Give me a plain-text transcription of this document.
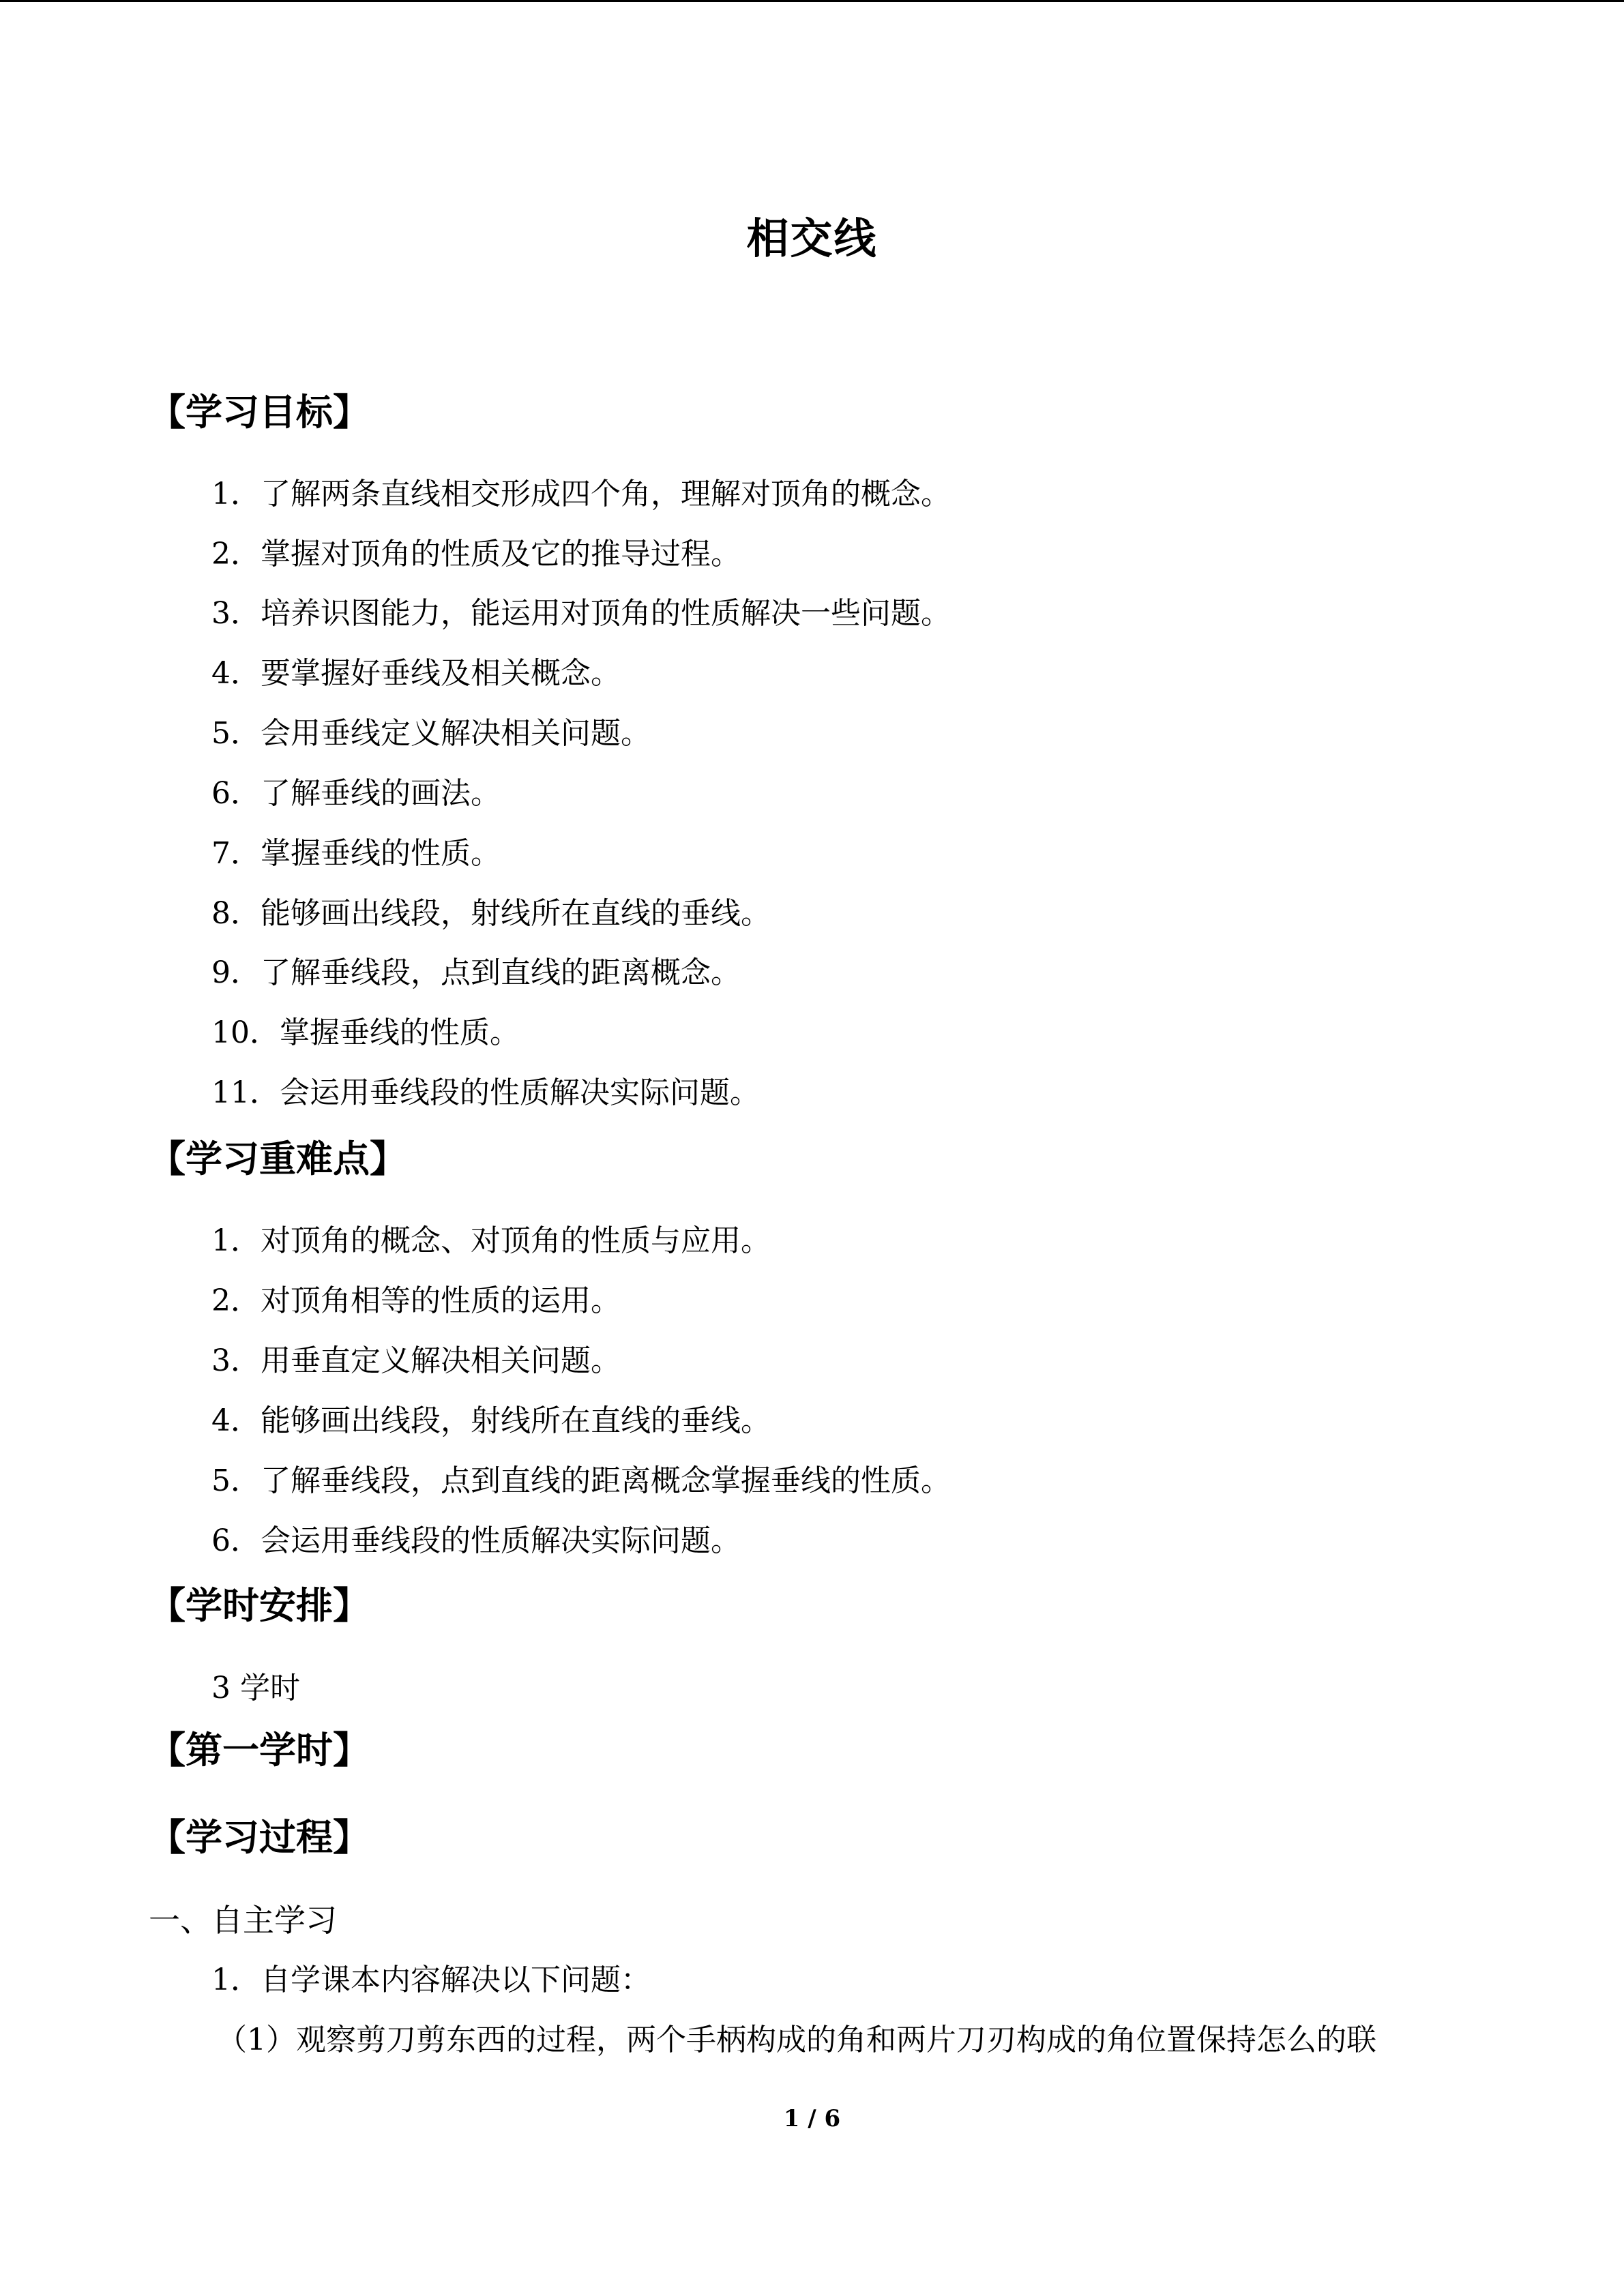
相交线
【学习目标】
1．了解两条直线相交形成四个角，理解对顶角的概念。
2．掌握对顶角的性质及它的推导过程。
3．培养识图能力，能运用对顶角的性质解决一些问题。
4．要掌握好垂线及相关概念。
5．会用垂线定义解决相关问题。
6．了解垂线的画法。
7．掌握垂线的性质。
8．能够画出线段，射线所在直线的垂线。
9．了解垂线段，点到直线的距离概念。
10．掌握垂线的性质。
11．会运用垂线段的性质解决实际问题。
【学习重难点】
1．对顶角的概念、对顶角的性质与应用。
2．对顶角相等的性质的运用。
3．用垂直定义解决相关问题。
4．能够画出线段，射线所在直线的垂线。
5．了解垂线段，点到直线的距离概念掌握垂线的性质。
6．会运用垂线段的性质解决实际问题。
【学时安排】
3 学时
【第一学时】
【学习过程】
一、自主学习
1．自学课本内容解决以下问题：
（1）观察剪刀剪东西的过程，两个手柄构成的角和两片刀刃构成的角位置保持怎么的联
1 / 6
